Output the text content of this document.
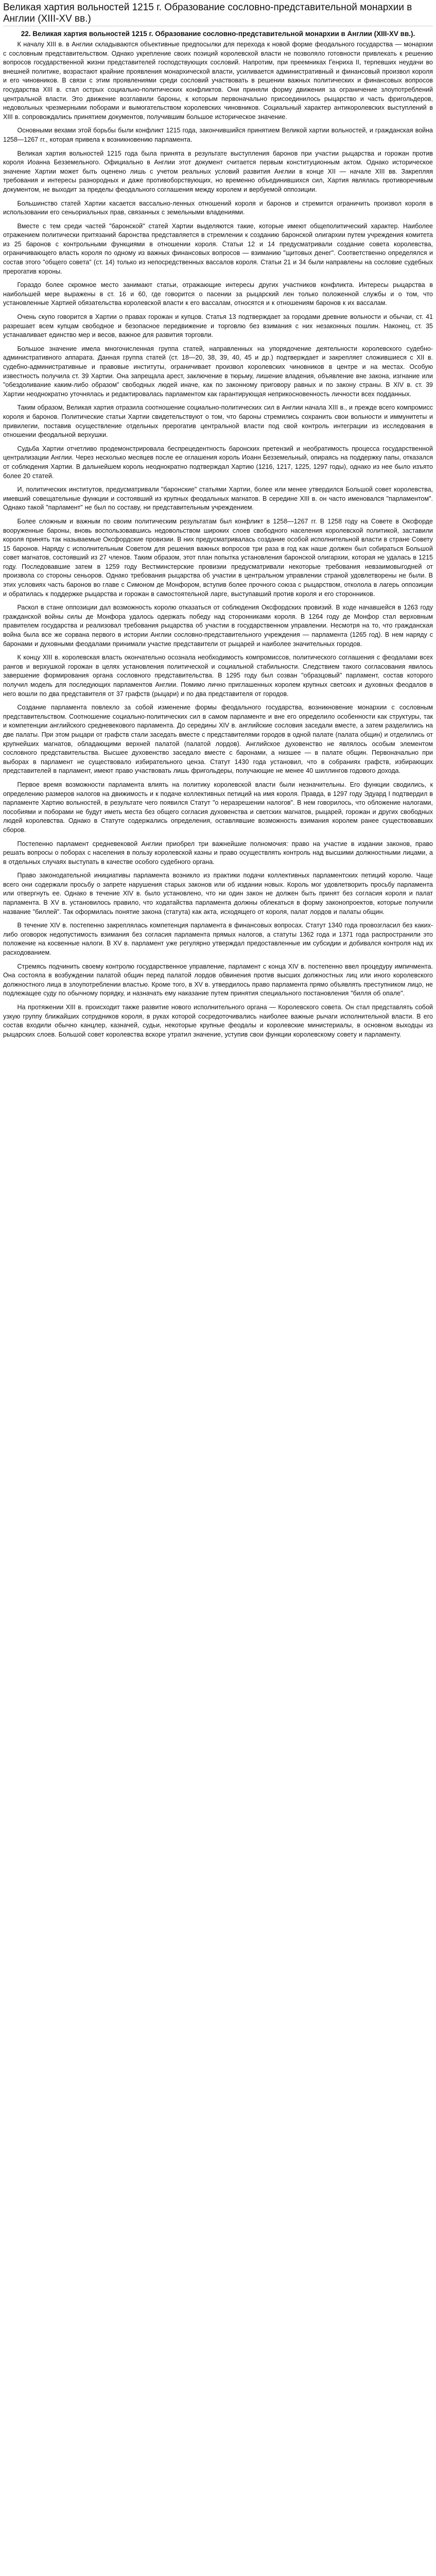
Великая хартия вольностей 1215 г. Образование сословно-представительной монархии в Англии (XIII-XV вв.)
22. Великая хартия вольностей 1215 г. Образование сословно-представительной монархии в Англии (XIII-XV вв.).

К началу XIII в. в Англии складываются объективные предпосылки для перехода к новой форме феодального государства — монархии с сословным представительством. Однако укрепление своих позиций королевской власти не позволяло готовности привлекать к решению вопросов государственной жизни представителей господствующих сословий. Напротим, при преемниках Генриха II, терпевших неудачи во внешней политике, возрастают крайние проявления монархической власти, усиливается административный и финансовый произвол короля и его чиновников. В связи с этим проявлениями среди сословий участвовать в решении важных политических и финансовых вопросов государства XIII в. стал острых социально-политических конфликтов. Они приняли форму движения за ограничение злоупотреблений центральной власти. Это движение возглавили бароны, к которым первоначально присоединилось рыцарство и часть фригольдеров, недовольных чрезмерными поборами и вымогательством королевских чиновников. Социальный характер антикоролевских выступлений в XIII в. сопровождались принятием документов, получившим большое историческое значение.

Основными вехами этой борьбы были конфликт 1215 года, закончившийся принятием Великой хартии вольностей, и гражданская война 1258—1267 гг., которая привела к возникновению парламента.

Великая хартия вольностей 1215 года была принята в результате выступления баронов при участии рыцарства и горожан против короля Иоанна Безземельного. Официально в Англии этот документ считается первым конституционным актом. Однако историческое значение Хартии может быть оценено лишь с учетом реальных условий развития Англии в конце XII — начале XIII вв. Закрепляя требования и интересы разнородных и даже противоборствующих, но временно объединившихся сил, Хартия являлась противоречивым документом, не выходит за пределы феодального соглашения между королем и вербуемой оппозиции.

Большинство статей Хартии касается вассально-ленных отношений короля и баронов и стремится ограничить произвол короля в использовании его сеньориальных прав, связанных с земельными владениями.

Вместе с тем среди частей "баронской" статей Хартии выделяются такие, которые имеют общеполитический характер. Наиболее отражением политически притязаний баронства представляется в стремлении к созданию баронской олигархии путем учреждения комитета из 25 баронов с контрольными функциями в отношении короля. Статьи 12 и 14 предусматривали создание совета королевства, ограничивающего власть короля по одному из важных финансовых вопросов — взиманию "щитовых денег". Соответственно определялся и состав этого "общего совета" (ст. 14) только из непосредственных вассалов короля. Статьи 21 и 34 были направлены на сословие судебных прерогатив короны.

Гораздо более скромное место занимают статьи, отражающие интересы других участников конфликта. Интересы рыцарства в наибольшей мере выражены в ст. 16 и 60, где говорится о пасении за рыцарский лен только положенной службы и о том, что установленные Хартией обязательства королевской власти к его вассалам, относятся и к отношениям баронов к их вассалам.

Очень скупо говорится в Хартии о правах горожан и купцов. Статья 13 подтверждает за городами древние вольности и обычаи, ст. 41 разрешает всем купцам свободное и безопасное передвижение и торговлю без взимания с них незаконных пошлин. Наконец, ст. 35 устанавливает единство мер и весов, важное для развития торговли.

Большое значение имела многочисленная группа статей, направленных на упорядочение деятельности королевского судебно-административного аппарата. Данная группа статей (ст. 18—20, 38, 39, 40, 45 и др.) подтверждает и закрепляет сложившиеся с XII в. судебно-административные и правовые институты, ограничивает произвол королевских чиновников в центре и на местах. Особую известность получила ст. 39 Хартии. Она запрещала арест, заключение в тюрьму, лишение владения, объявление вне закона, изгнание или "обездоливание каким-либо образом" свободных людей иначе, как по законному приговору равных и по закону страны. В XIV в. ст. 39 Хартии неоднократно уточнялась и редактировалась парламентом как гарантирующая неприкосновенность личности всех подданных.

Таким образом, Великая хартия отразила соотношение социально-политических сил в Англии начала XIII в., и прежде всего компромисс короля и баронов. Политические статьи Хартии свидетельствуют о том, что бароны стремились сохранить свои вольности и иммунитеты и привилегии, поставив осуществление отдельных прерогатив центральной власти под свой контроль интеграции из исследования в отношении феодальной верхушки.

Судьба Хартии отчетливо продемонстрировала беспрецедентность баронских претензий и необратимость процесса государственной централизации Англии. Через несколько месяцев после ее оглашения король Иоанн Безземельный, опираясь на поддержку папы, отказался от соблюдения Хартии. В дальнейшем король неоднократно подтверждал Хартию (1216, 1217, 1225, 1297 годы), однако из нее было изъято более 20 статей.

И, политических институтов, предусматривали "баронские" статьями Хартии, более или менее утвердился Большой совет королевства, имевший совещательные функции и состоявший из крупных феодальных магнатов. В середине XIII в. он часто именовался "парламентом". Однако такой "парламент" не был по составу, ни представительным учреждением.

Более сложным и важным по своим политическим результатам был конфликт в 1258—1267 гг. В 1258 году на Совете в Оксфорде вооруженные бароны, вновь воспользовавшись недовольством широких слоев свободного населения королевской политикой, заставили короля принять так называемые Оксфордские провизии. В них предусматривалась создание особой исполнительной власти в стране Совету 15 баронов. Наряду с исполнительным Советом для решения важных вопросов три раза в год как наше должен был собираться Большой совет магнатов, состоявший из 27 членов. Таким образом, этот план попытка установления баронской олигархии, которая не удалась в 1215 году. Последовавшие затем в 1259 году Вестминстерские провизии предусматривали некоторые требования невзаимовыгодней от произвола со стороны сеньоров. Однако требования рыцарства об участии в центральном управлении страной удовлетворены не были. В этих условиях часть баронов во главе с Симоном де Монфором, вступив более прочного союза с рыцарством, отколола в лагерь оппозиции и обратилась к поддержке рыцарства и горожан в самостоятельной ларге, выступавший против короля и его сторонников.

Раскол в стане оппозиции дал возможность королю отказаться от соблюдения Оксфордских провизий. В ходе начавшейся в 1263 году гражданской войны силы де Монфора удалось одержать победу над сторонниками короля. В 1264 году де Монфор стал верховным правителем государства и реализовал требования рыцарства об участии в государственном управлении. Несмотря на то, что гражданская война была все же сорвана первого в истории Англии сословно-представительного учреждения — парламента (1265 год). В нем наряду с баронами и духовными феодалами принимали участие представители от рыцарей и наиболее значительных городов.

К концу XIII в. королевская власть окончательно осознала необходимость компромиссов, политического соглашения с феодалами всех рангов и верхушкой горожан в целях установления политической и социальной стабильности. Следствием такого согласования явилось завершение формирования органа сословного представительства. В 1295 году был созван "образцовый" парламент, состав которого получил модель для последующих парламентов Англии. Помимо лично приглашенных королем крупных светских и духовных феодалов в него вошли по два представителя от 37 графств (рыцари) и по два представителя от городов.

Создание парламента повлекло за собой изменение формы феодального государства, возникновение монархии с сословным представительством. Соотношение социально-политических сил в самом парламенте и вне его определило особенности как структуры, так и компетенции английского средневекового парламента. До середины XIV в. английские сословия заседали вместе, а затем разделились на две палаты. При этом рыцари от графств стали заседать вместе с представителями городов в одной палате (палата общин) и отделились от крупнейших магнатов, обладающими верхней палатой (палатой лордов). Английское духовенство не являлось особым элементом сословного представительства. Высшее духовенство заседало вместе с баронами, а низшее — в палате общин. Первоначально при выборах в парламент не существовало избирательного ценза. Статут 1430 года установил, что в собраниях графств, избирающих представителей в парламент, имеют право участвовать лишь фригольдеры, получающие не менее 40 шиллингов годового дохода.

Первое время возможности парламента влиять на политику королевской власти были незначительны. Его функции сводились, к определению размеров налогов на движимость и к подаче коллективных петиций на имя короля. Правда, в 1297 году Эдуард I подтвердил в парламенте Хартию вольностей, в результате чего появился Статут "о неразрешении налогов". В нем говорилось, что обложение налогами, пособиями и поборами не будут иметь места без общего согласия духовенства и светских магнатов, рыцарей, горожан и других свободных людей королевства. Однако в Статуте содержались определения, оставлявшие возможность взимания королем ранее существовавших сборов.

Постепенно парламент средневековой Англии приобрел три важнейшие полномочия: право на участие в издании законов, право решать вопросы о поборах с населения в пользу королевской казны и право осуществлять контроль над высшими должностными лицами, а в отдельных случаях выступать в качестве особого судебного органа.

Право законодательной инициативы парламента возникло из практики подачи коллективных парламентских петиций королю. Чаще всего они содержали просьбу о запрете нарушения старых законов или об издании новых. Король мог удовлетворить просьбу парламента или отвергнуть ее. Однако в течение XIV в. было установлено, что ни один закон не должен быть принят без согласия короля и палат парламента. В XV в. установилось правило, что ходатайства парламента должны облекаться в форму законопроектов, которые получили название "биллей". Так оформилась понятие закона (статута) как акта, исходящего от короля, палат лордов и палаты общин.

В течение XIV в. постепенно закреплялась компетенция парламента в финансовых вопросах. Статут 1340 года провозгласил без каких-либо оговорок недопустимость взимания без согласия парламента прямых налогов, а статуты 1362 года и 1371 года распространили это положение на косвенные налоги. В XV в. парламент уже регулярно утверждал предоставленные им субсидии и добивался контроля над их расходованием.

Стремясь подчинить своему контролю государственное управление, парламент с конца XIV в. постепенно ввел процедуру импичмента. Она состояла в возбуждении палатой общин перед палатой лордов обвинения против высших должностных лиц или иного королевского должностного лица в злоупотреблении властью. Кроме того, в XV в. утвердилось право парламента прямо объявлять преступником лицо, не подлежащее суду по обычному порядку, и назначать ему наказание путем принятия специального постановления "билля об опале".

На протяжении XIII в. происходит также развитие нового исполнительного органа — Королевского совета. Он стал представлять собой узкую группу ближайших сотрудников короля, в руках которой сосредоточивались наиболее важные рычаги исполнительной власти. В его состав входили обычно канцлер, казначей, судьи, некоторые крупные феодалы и королевские министериалы, в основном выходцы из рыцарских слоев. Большой совет королевства вскоре утратил значение, уступив свои функции королевскому совету и парламенту.
